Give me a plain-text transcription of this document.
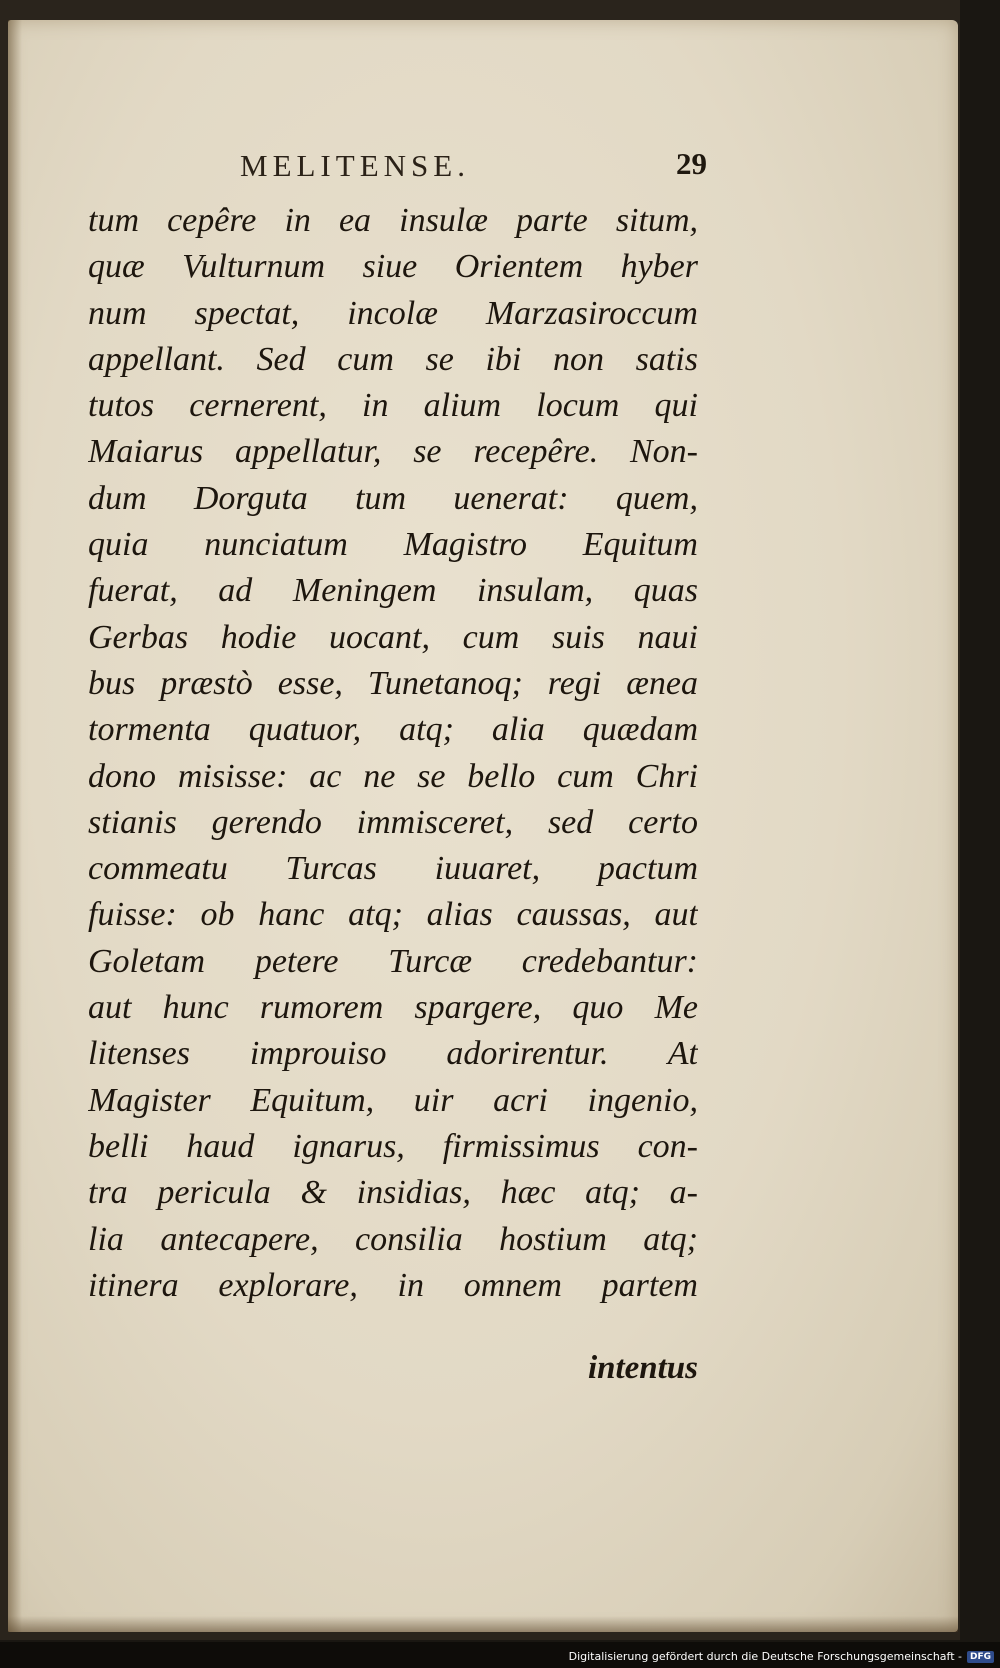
MELITENSE.	29
tum cepêre in ea insulæ parte situm,
quæ Vulturnum siue Orientem hyber
num spectat, incolæ Marzasiroccum
appellant. Sed cum se ibi non satis
tutos cernerent, in alium locum qui
Maiarus appellatur, se recepêre. Non-
dum Dorguta tum uenerat: quem,
quia nunciatum Magistro Equitum
fuerat, ad Meningem insulam, quas
Gerbas hodie uocant, cum suis naui
bus præstò esse, Tunetanoq; regi ænea
tormenta quatuor, atq; alia quædam
dono misisse: ac ne se bello cum Chri
stianis gerendo immisceret, sed certo
commeatu Turcas iuuaret, pactum
fuisse: ob hanc atq; alias caussas, aut
Goletam petere Turcæ credebantur:
aut hunc rumorem spargere, quo Me
litenses improuiso adorirentur. At
Magister Equitum, uir acri ingenio,
belli haud ignarus, firmissimus con-
tra pericula & insidias, hæc atq; a-
lia antecapere, consilia hostium atq;
itinera explorare, in omnem partem
intentus
Digitalisierung gefördert durch die Deutsche Forschungsgemeinschaft - DFG
